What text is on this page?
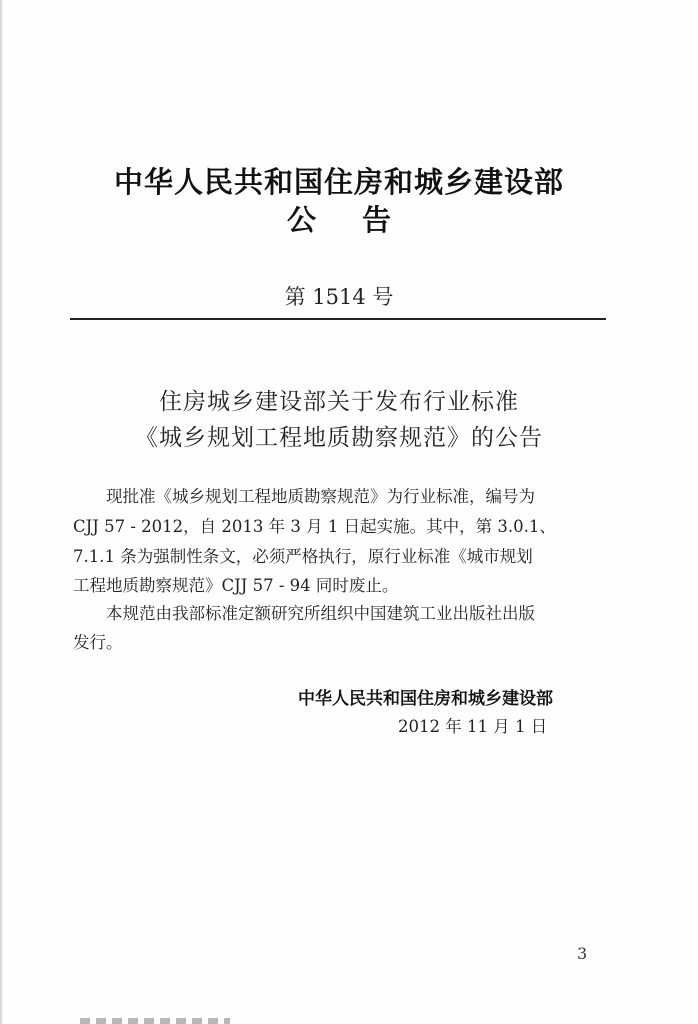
中华人民共和国住房和城乡建设部
公告
第 1514 号
住房城乡建设部关于发布行业标准
《城乡规划工程地质勘察规范》的公告
现批准《城乡规划工程地质勘察规范》为行业标准，编号为
CJJ 57 - 2012，自 2013 年 3 月 1 日起实施。其中，第 3.0.1、
7.1.1 条为强制性条文，必须严格执行，原行业标准《城市规划
工程地质勘察规范》CJJ 57 - 94 同时废止。
本规范由我部标准定额研究所组织中国建筑工业出版社出版
发行。
中华人民共和国住房和城乡建设部
2012 年 11 月 1 日
3
